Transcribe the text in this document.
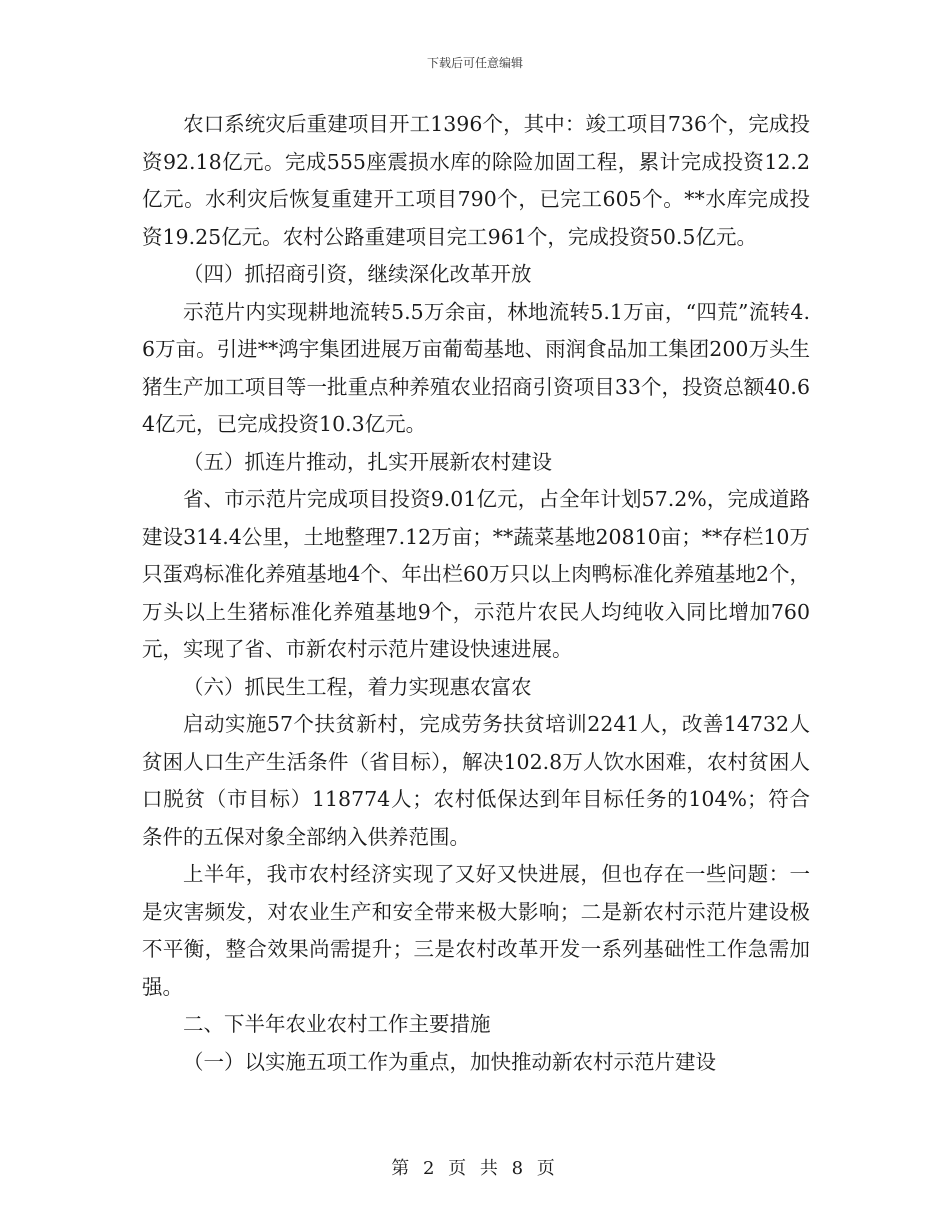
下载后可任意编辑

农口系统灾后重建项目开工1396个，其中：竣工项目736个，完成投资92.18亿元。完成555座震损水库的除险加固工程，累计完成投资12.2亿元。水利灾后恢复重建开工项目790个，已完工605个。**水库完成投资19.25亿元。农村公路重建项目完工961个，完成投资50.5亿元。

（四）抓招商引资，继续深化改革开放

示范片内实现耕地流转5.5万余亩，林地流转5.1万亩，“四荒”流转4.6万亩。引进**鸿宇集团进展万亩葡萄基地、雨润食品加工集团200万头生猪生产加工项目等一批重点种养殖农业招商引资项目33个，投资总额40.64亿元，已完成投资10.3亿元。

（五）抓连片推动，扎实开展新农村建设

省、市示范片完成项目投资9.01亿元，占全年计划57.2%，完成道路建设314.4公里，土地整理7.12万亩；**蔬菜基地20810亩；**存栏10万只蛋鸡标准化养殖基地4个、年出栏60万只以上肉鸭标准化养殖基地2个，万头以上生猪标准化养殖基地9个，示范片农民人均纯收入同比增加760元，实现了省、市新农村示范片建设快速进展。

（六）抓民生工程，着力实现惠农富农

启动实施57个扶贫新村，完成劳务扶贫培训2241人，改善14732人贫困人口生产生活条件（省目标），解决102.8万人饮水困难，农村贫困人口脱贫（市目标）118774人；农村低保达到年目标任务的104%；符合条件的五保对象全部纳入供养范围。

上半年，我市农村经济实现了又好又快进展，但也存在一些问题：一是灾害频发，对农业生产和安全带来极大影响；二是新农村示范片建设极不平衡，整合效果尚需提升；三是农村改革开发一系列基础性工作急需加强。

二、下半年农业农村工作主要措施

（一）以实施五项工作为重点，加快推动新农村示范片建设

第 2 页 共 8 页
